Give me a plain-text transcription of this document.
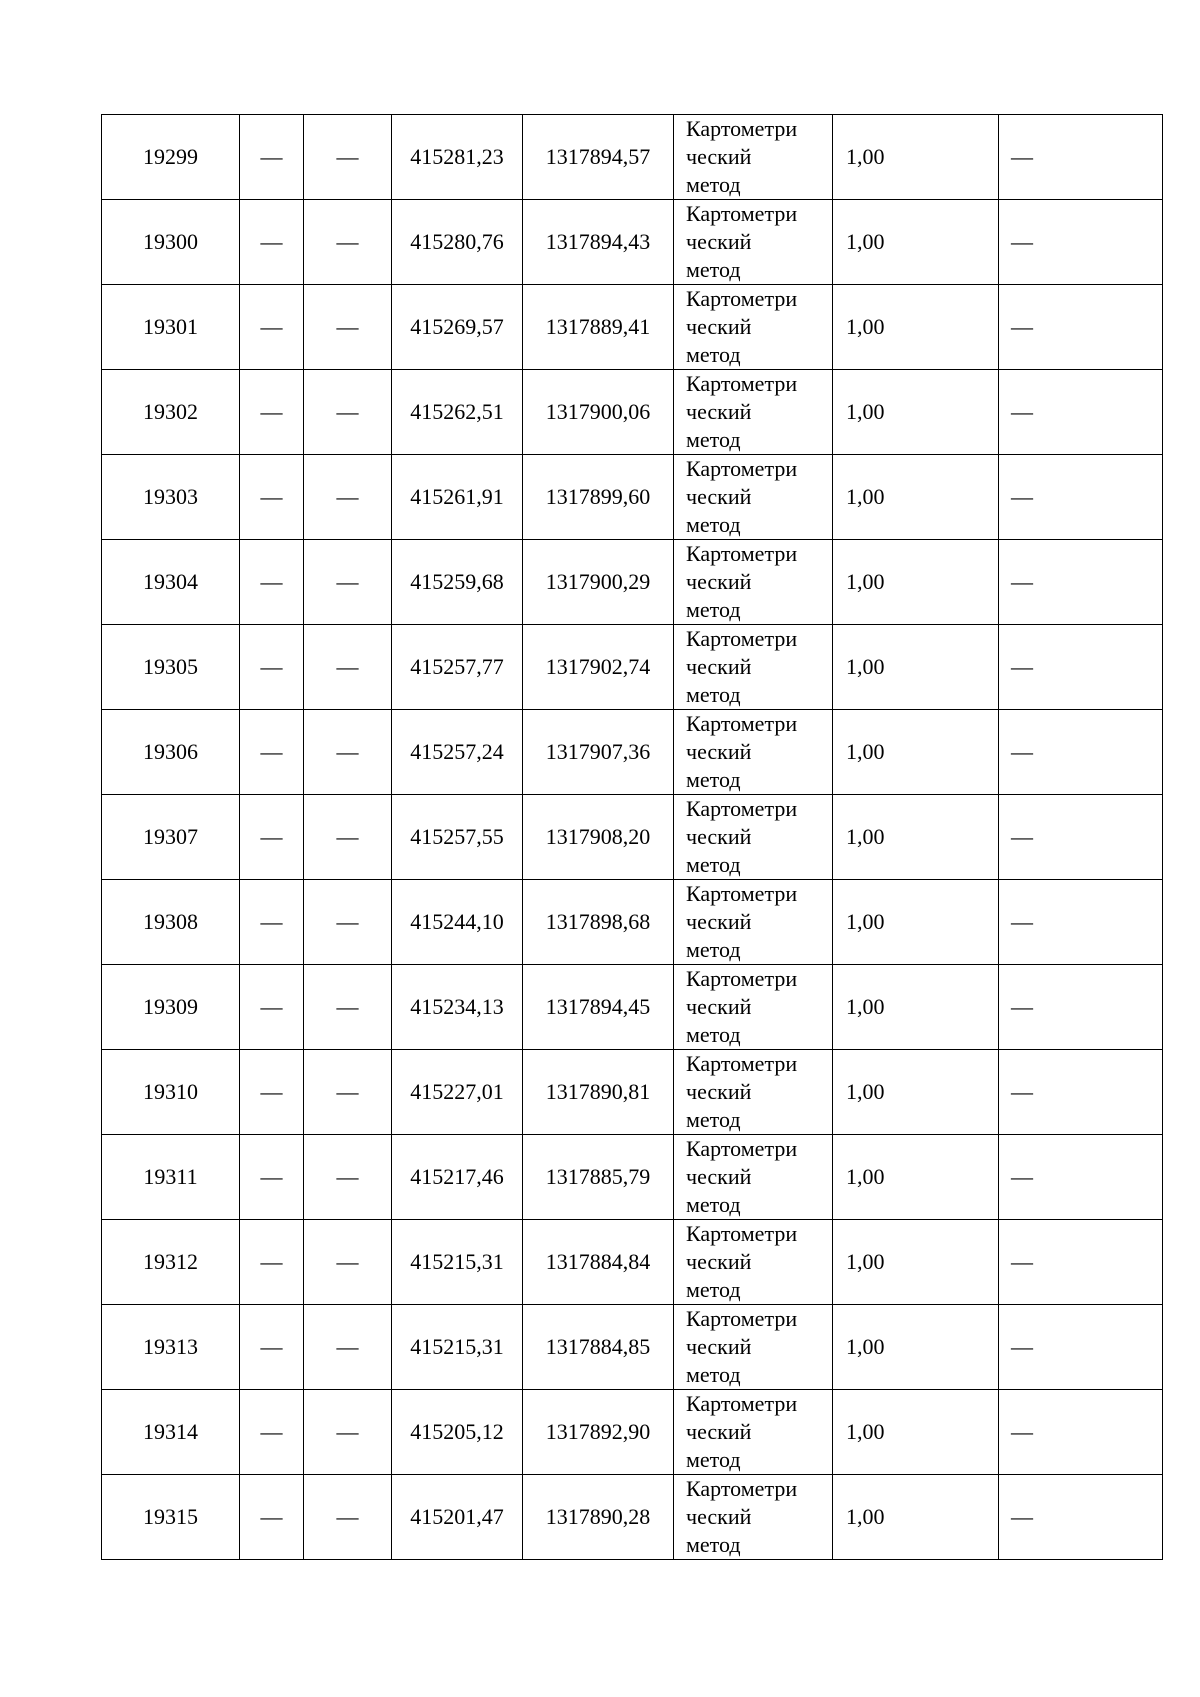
19299	—	—	415281,23	1317894,57	Картометри
ческий
метод	1,00	—
19300	—	—	415280,76	1317894,43	Картометри
ческий
метод	1,00	—
19301	—	—	415269,57	1317889,41	Картометри
ческий
метод	1,00	—
19302	—	—	415262,51	1317900,06	Картометри
ческий
метод	1,00	—
19303	—	—	415261,91	1317899,60	Картометри
ческий
метод	1,00	—
19304	—	—	415259,68	1317900,29	Картометри
ческий
метод	1,00	—
19305	—	—	415257,77	1317902,74	Картометри
ческий
метод	1,00	—
19306	—	—	415257,24	1317907,36	Картометри
ческий
метод	1,00	—
19307	—	—	415257,55	1317908,20	Картометри
ческий
метод	1,00	—
19308	—	—	415244,10	1317898,68	Картометри
ческий
метод	1,00	—
19309	—	—	415234,13	1317894,45	Картометри
ческий
метод	1,00	—
19310	—	—	415227,01	1317890,81	Картометри
ческий
метод	1,00	—
19311	—	—	415217,46	1317885,79	Картометри
ческий
метод	1,00	—
19312	—	—	415215,31	1317884,84	Картометри
ческий
метод	1,00	—
19313	—	—	415215,31	1317884,85	Картометри
ческий
метод	1,00	—
19314	—	—	415205,12	1317892,90	Картометри
ческий
метод	1,00	—
19315	—	—	415201,47	1317890,28	Картометри
ческий
метод	1,00	—
